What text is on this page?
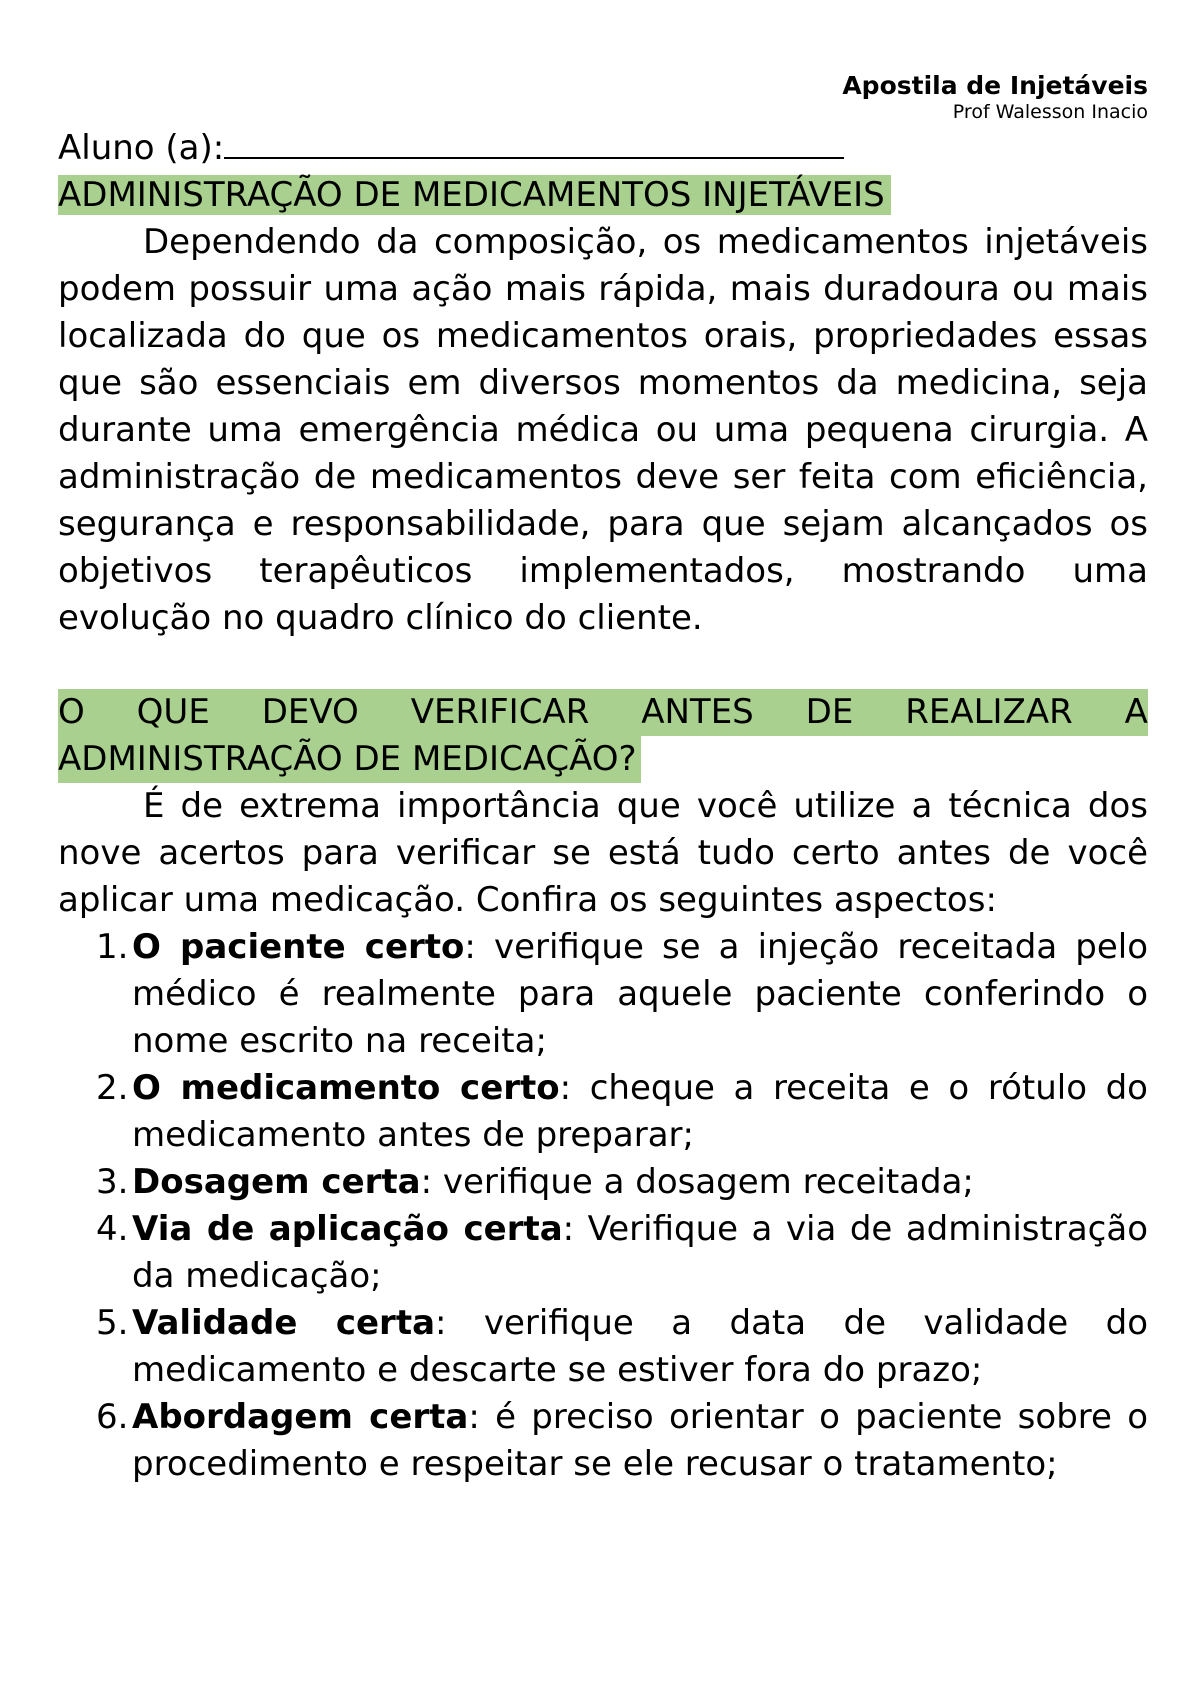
Apostila de Injetáveis
Prof Walesson Inacio
Aluno (a):
ADMINISTRAÇÃO DE MEDICAMENTOS INJETÁVEIS

Dependendo da composição, os medicamentos injetáveis podem possuir uma ação mais rápida, mais duradoura ou mais localizada do que os medicamentos orais, propriedades essas que são essenciais em diversos momentos da medicina, seja durante uma emergência médica ou uma pequena cirurgia. A administração de medicamentos deve ser feita com eficiência, segurança e responsabilidade, para que sejam alcançados os objetivos terapêuticos implementados, mostrando uma evolução no quadro clínico do cliente.

O QUE DEVO VERIFICAR ANTES DE REALIZAR A
ADMINISTRAÇÃO DE MEDICAÇÃO?

É de extrema importância que você utilize a técnica dos nove acertos para verificar se está tudo certo antes de você aplicar uma medicação. Confira os seguintes aspectos:

1. O paciente certo: verifique se a injeção receitada pelo médico é realmente para aquele paciente conferindo o nome escrito na receita;
2. O medicamento certo: cheque a receita e o rótulo do medicamento antes de preparar;
3. Dosagem certa: verifique a dosagem receitada;
4. Via de aplicação certa: Verifique a via de administração da medicação;
5. Validade certa: verifique a data de validade do medicamento e descarte se estiver fora do prazo;
6. Abordagem certa: é preciso orientar o paciente sobre o procedimento e respeitar se ele recusar o tratamento;
